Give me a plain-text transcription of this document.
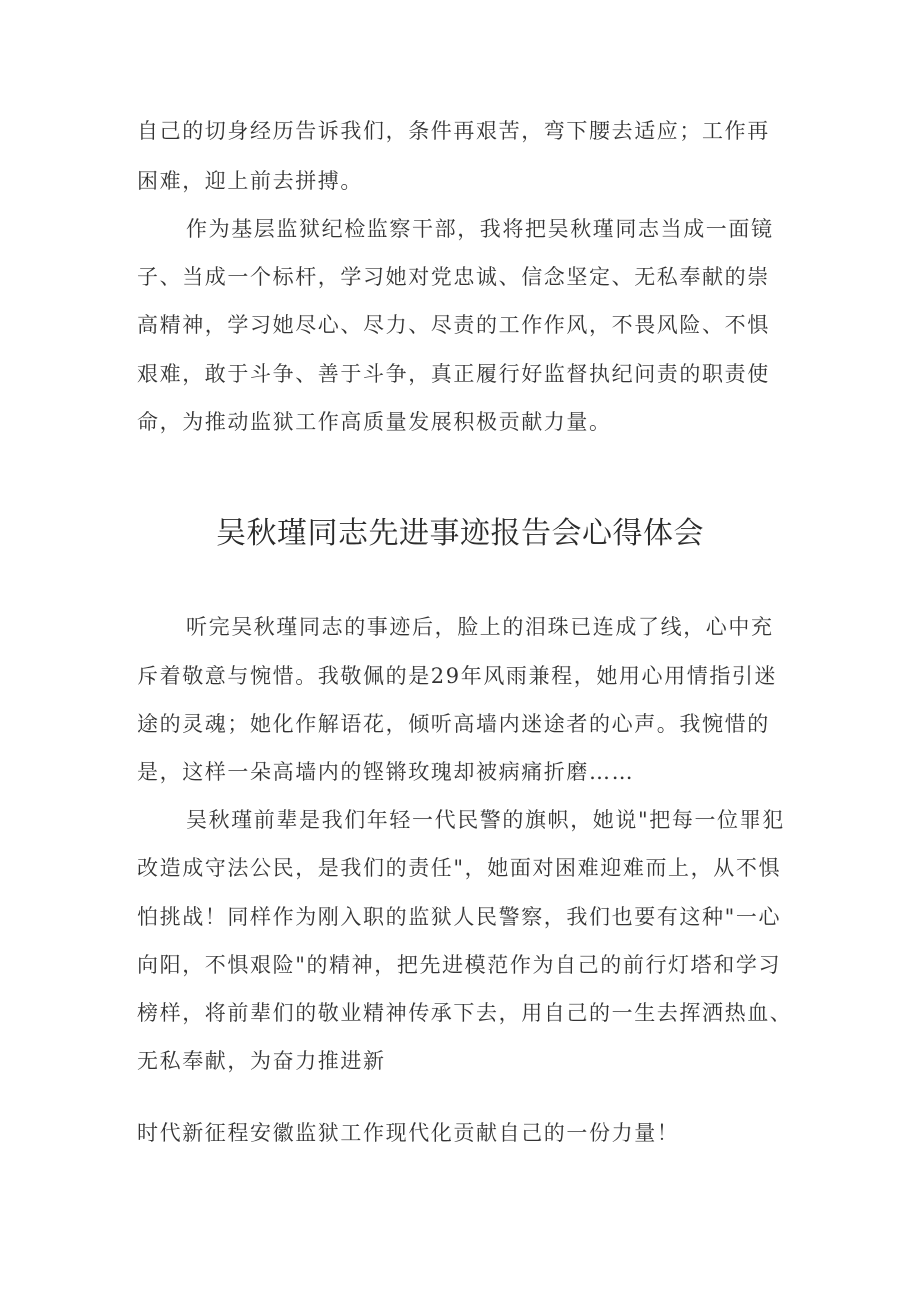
自己的切身经历告诉我们，条件再艰苦，弯下腰去适应；工作再
困难，迎上前去拼搏。
作为基层监狱纪检监察干部，我将把吴秋瑾同志当成一面镜
子、当成一个标杆，学习她对党忠诚、信念坚定、无私奉献的崇
高精神，学习她尽心、尽力、尽责的工作作风，不畏风险、不惧
艰难，敢于斗争、善于斗争，真正履行好监督执纪问责的职责使
命，为推动监狱工作高质量发展积极贡献力量。
吴秋瑾同志先进事迹报告会心得体会
听完吴秋瑾同志的事迹后，脸上的泪珠已连成了线，心中充
斥着敬意与惋惜。我敬佩的是29年风雨兼程，她用心用情指引迷
途的灵魂；她化作解语花，倾听高墙内迷途者的心声。我惋惜的
是，这样一朵高墙内的铿锵玫瑰却被病痛折磨……
吴秋瑾前辈是我们年轻一代民警的旗帜，她说"把每一位罪犯
改造成守法公民，是我们的责任"，她面对困难迎难而上，从不惧
怕挑战！同样作为刚入职的监狱人民警察，我们也要有这种"一心
向阳，不惧艰险"的精神，把先进模范作为自己的前行灯塔和学习
榜样，将前辈们的敬业精神传承下去，用自己的一生去挥洒热血、
无私奉献，为奋力推进新
时代新征程安徽监狱工作现代化贡献自己的一份力量！
